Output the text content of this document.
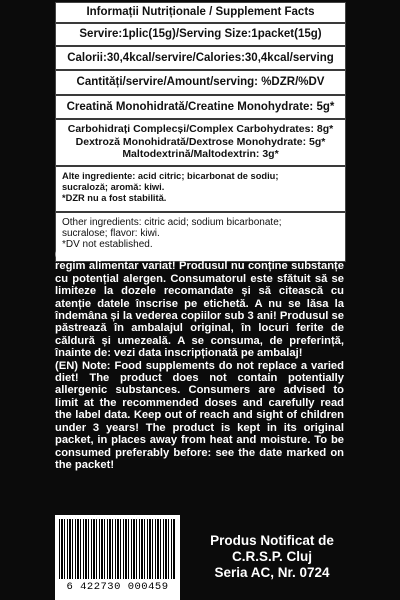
Informații Nutriționale / Supplement Facts
Servire:1plic(15g)/Serving Size:1packet(15g)
Calorii:30,4kcal/servire/Calories:30,4kcal/serving
Cantități/servire/Amount/serving: %DZR/%DV
Creatină Monohidrată/Creatine Monohydrate: 5g*
Carbohidrați Complecși/Complex Carbohydrates: 8g*
Dextroză Monohidrată/Dextrose Monohydrate: 5g*
Maltodextrină/Maltodextrin: 3g*
Alte ingrediente: acid citric; bicarbonat de sodiu;
sucraloză; aromă: kiwi.
*DZR nu a fost stabilită.
Other ingredients: citric acid; sodium bicarbonate;
sucralose; flavor: kiwi.
*DV not established.

(RO) Notă: Suplimentele alimentare nu înlocuiesc un regim alimentar variat! Produsul nu conține substanțe cu potențial alergen. Consumatorul este sfătuit să se limiteze la dozele recomandate și să citească cu atenție datele înscrise pe etichetă. A nu se lăsa la îndemâna și la vederea copiilor sub 3 ani! Produsul se păstrează în ambalajul original, în locuri ferite de căldură și umezeală. A se consuma, de preferință, înainte de: vezi data inscripționată pe ambalaj!

(EN) Note: Food supplements do not replace a varied diet! The product does not contain potentially allergenic substances. Consumers are advised to limit at the recommended doses and carefully read the label data. Keep out of reach and sight of children under 3 years! The product is kept in its original packet, in places away from heat and moisture. To be consumed preferably before: see the date marked on the packet!

6 422730 000459
Produs Notificat de
C.R.S.P. Cluj
Seria AC, Nr. 0724
